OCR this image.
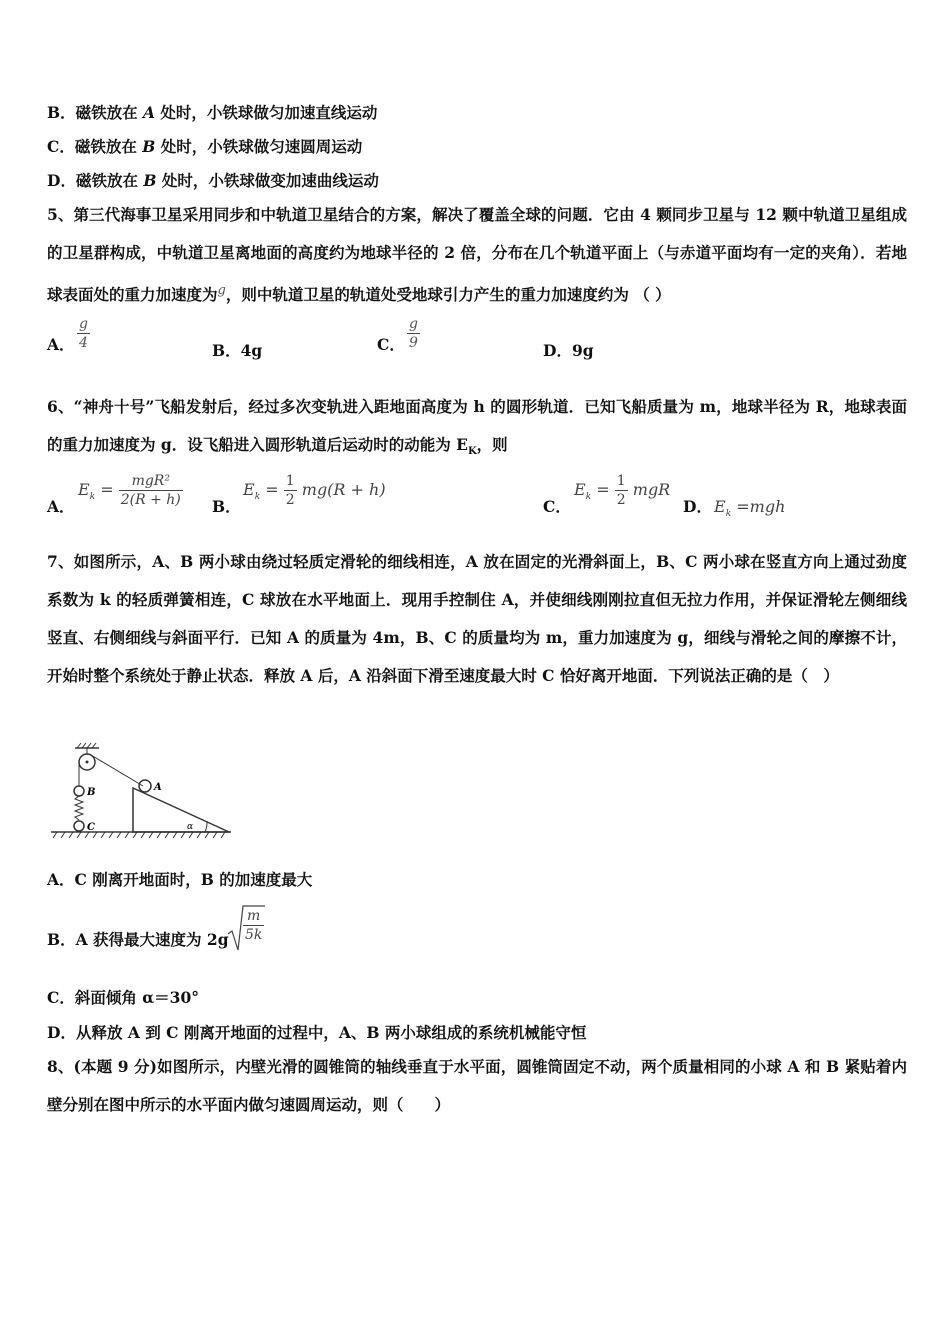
B．磁铁放在 A 处时，小铁球做匀加速直线运动
C．磁铁放在 B 处时，小铁球做匀速圆周运动
D．磁铁放在 B 处时，小铁球做变加速曲线运动
5、第三代海事卫星采用同步和中轨道卫星结合的方案，解决了覆盖全球的问题．它由 4 颗同步卫星与 12 颗中轨道卫星组成的卫星群构成，中轨道卫星离地面的高度约为地球半径的 2 倍，分布在几个轨道平面上（与赤道平面均有一定的夹角）．若地球表面处的重力加速度为$^g$，则中轨道卫星的轨道处受地球引力产生的重力加速度约为 （ ）
A． $\frac{g}{4}$	B．4g	C． $\frac{g}{9}$	D．9g
6、“神舟十号”飞船发射后，经过多次变轨进入距地面高度为 h 的圆形轨道．已知飞船质量为 m，地球半径为 R，地球表面的重力加速度为 g．设飞船进入圆形轨道后运动时的动能为 $E_K$，则
A．
$E_k = \frac{\text{mgR²}}{2(R + h)}$ B．
$E_k = \frac{1}{2} mg(R + h)$
C．
$E_k = \frac{1}{2}$ mgR
D． $E_k =mgh$
7、如图所示，A、B 两小球由绕过轻质定滑轮的细线相连，A 放在固定的光滑斜面上，B、C 两小球在竖直方向上通过劲度系数为 k 的轻质弹簧相连，C 球放在水平地面上．现用手控制住 A，并使细线刚刚拉直但无拉力作用，并保证滑轮左侧细线竖直、右侧细线与斜面平行．已知 A 的质量为 4m，B、C 的质量均为 m，重力加速度为 g，细线与滑轮之间的摩擦不计，开始时整个系统处于静止状态．释放 A 后，A 沿斜面下滑至速度最大时 C 恰好离开地面．下列说法正确的是（　）
B
C
A
α
A．C 刚离开地面时，B 的加速度最大
B．A 获得最大速度为 $2g \frac{m}{5k}$
C．斜面倾角 α＝30°
D．从释放 A 到 C 刚离开地面的过程中，A、B 两小球组成的系统机械能守恒
8、(本题 9 分)如图所示，内壁光滑的圆锥筒的轴线垂直于水平面，圆锥筒固定不动，两个质量相同的小球 A 和 B 紧贴着内壁分别在图中所示的水平面内做匀速圆周运动，则（　　）
